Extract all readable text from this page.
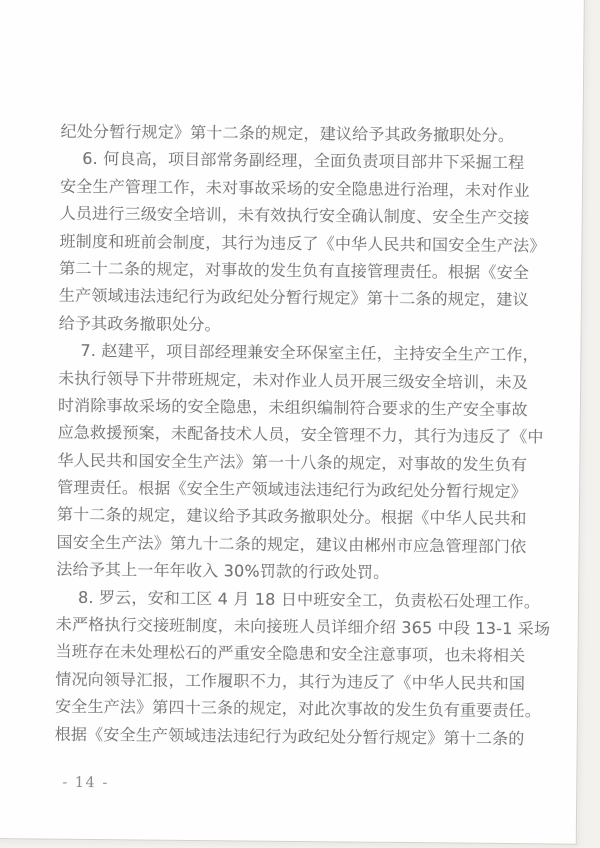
纪处分暂行规定》第十二条的规定，建议给予其政务撤职处分。
6. 何良高，项目部常务副经理，全面负责项目部井下采掘工程
安全生产管理工作，未对事故采场的安全隐患进行治理，未对作业
人员进行三级安全培训，未有效执行安全确认制度、安全生产交接
班制度和班前会制度，其行为违反了《中华人民共和国安全生产法》
第二十二条的规定，对事故的发生负有直接管理责任。根据《安全
生产领域违法违纪行为政纪处分暂行规定》第十二条的规定，建议
给予其政务撤职处分。
7. 赵建平，项目部经理兼安全环保室主任，主持安全生产工作，
未执行领导下井带班规定，未对作业人员开展三级安全培训，未及
时消除事故采场的安全隐患，未组织编制符合要求的生产安全事故
应急救援预案，未配备技术人员，安全管理不力，其行为违反了《中
华人民共和国安全生产法》第一十八条的规定，对事故的发生负有
管理责任。根据《安全生产领域违法违纪行为政纪处分暂行规定》
第十二条的规定，建议给予其政务撤职处分。根据《中华人民共和
国安全生产法》第九十二条的规定，建议由郴州市应急管理部门依
法给予其上一年年收入 30%罚款的行政处罚。
8. 罗云，安和工区 4 月 18 日中班安全工，负责松石处理工作。
未严格执行交接班制度，未向接班人员详细介绍 365 中段 13-1 采场
当班存在未处理松石的严重安全隐患和安全注意事项，也未将相关
情况向领导汇报，工作履职不力，其行为违反了《中华人民共和国
安全生产法》第四十三条的规定，对此次事故的发生负有重要责任。
根据《安全生产领域违法违纪行为政纪处分暂行规定》第十二条的
- 14 -
